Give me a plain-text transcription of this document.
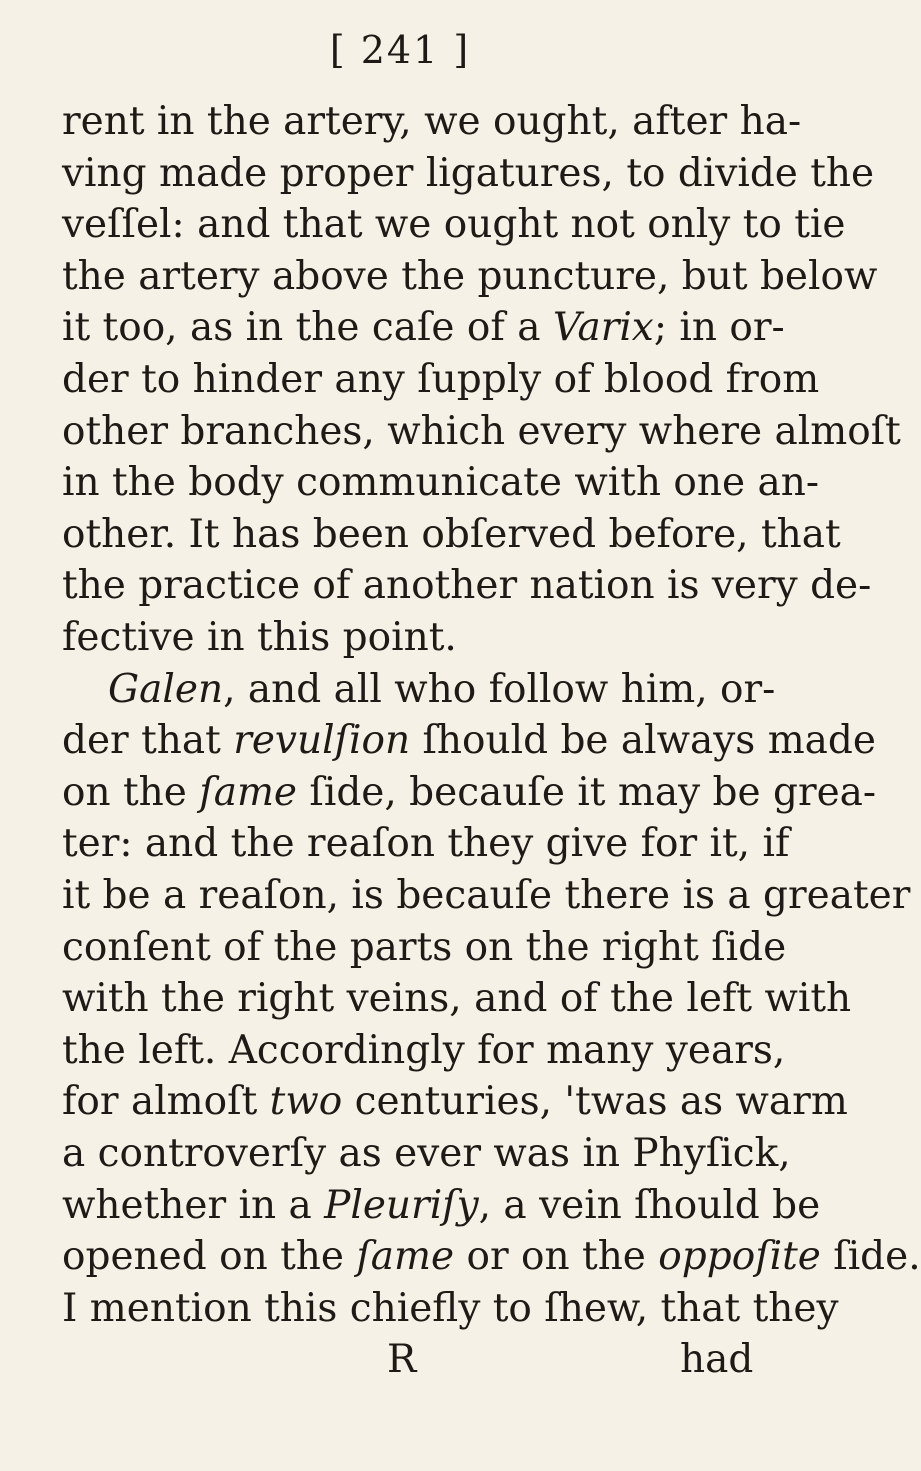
[ 241 ]
rent in the artery, we ought, after ha-
ving made proper ligatures, to divide the
veſſel: and that we ought not only to tie
the artery above the puncture, but below
it too, as in the caſe of a Varix; in or-
der to hinder any ſupply of blood from
other branches, which every where almoſt
in the body communicate with one an-
other. It has been obſerved before, that
the practice of another nation is very de-
fective in this point.
Galen, and all who follow him, or-
der that revulſion ſhould be always made
on the ſame ſide, becauſe it may be grea-
ter: and the reaſon they give for it, if
it be a reaſon, is becauſe there is a greater
conſent of the parts on the right ſide
with the right veins, and of the left with
the left. Accordingly for many years,
for almoſt two centuries, 'twas as warm
a controverſy as ever was in Phyſick,
whether in a Pleuriſy, a vein ſhould be
opened on the ſame or on the oppoſite ſide.
I mention this chiefly to ſhew, that they
R	had
